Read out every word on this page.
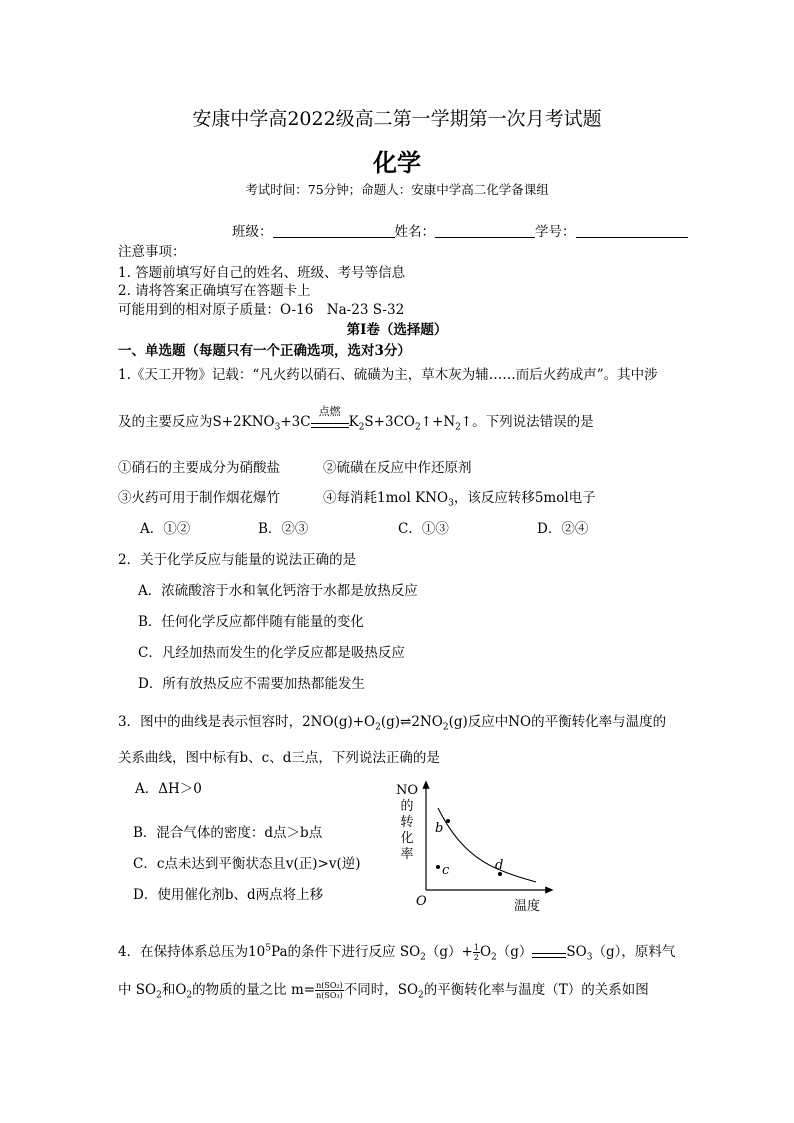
安康中学高2022级高二第一学期第一次月考试题
化学
考试时间：75分钟；命题人：安康中学高二化学备课组
班级：	姓名：	学号：
注意事项：
1. 答题前填写好自己的姓名、班级、考号等信息
2. 请将答案正确填写在答题卡上
可能用到的相对原子质量：O-16　Na-23 S-32
第Ⅰ卷（选择题）
一、单选题（每题只有一个正确选项，选对3分）
1.《天工开物》记载：“凡火药以硝石、硫磺为主，草木灰为辅……而后火药成声”。其中涉
及的主要反应为$S+2KNO_3+3C$
点燃
$K_2S+3CO_2↑+N_2↑$。下列说法错误的是
①硝石的主要成分为硝酸盐	②硫磺在反应中作还原剂
③火药可用于制作烟花爆竹	④每消耗1mol $KNO_3$，该反应转移5mol电子
A．①②	B．②③	C．①③	D．②④
2．关于化学反应与能量的说法正确的是
A．浓硫酸溶于水和氧化钙溶于水都是放热反应
B．任何化学反应都伴随有能量的变化
C．凡经加热而发生的化学反应都是吸热反应
D．所有放热反应不需要加热都能发生
3．图中的曲线是表示恒容时，$2NO(g)+O_2(g)\rightleftharpoons 2NO_2(g)$反应中NO的平衡转化率与温度的
关系曲线，图中标有b、c、d三点，下列说法正确的是
A．ΔH＞0
B．混合气体的密度：d点＞b点
C．c点未达到平衡状态且v(正)>v(逆)
D．使用催化剂b、d两点将上移
NO
的
转
化
率
O	温度
b
d
c
4．在保持体系总压为$10^5Pa$的条件下进行反应 $SO_2(g)+ \frac{1}{2} O_2(g)$	$SO_3(g)$，原料气
中 $SO_2$和$O_2$的物质的量之比 $m= \frac{\text{n(SO₂)}}{\text{n(SO₃)}}$ 不同时，$SO_2$的平衡转化率与温度（T）的关系如图
